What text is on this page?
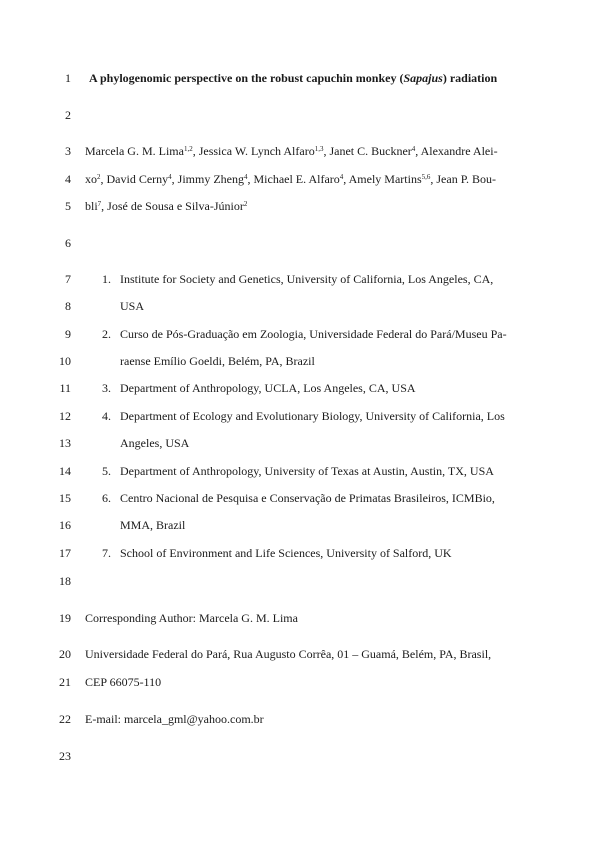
1
2
3
4
5
6
7
8
9
10
11
12
13
14
15
16
17
18
19
20
21
22
23
A phylogenomic perspective on the robust capuchin monkey (Sapajus) radiation
Marcela G. M. Lima$^{1,2}$, Jessica W. Lynch Alfaro$^{1,3}$, Janet C. Buckner$^4$, Alexandre Alei-
$xo^2$, David Cerny$^4$, Jimmy Zheng$^4$, Michael E. Alfaro$^4$, Amely Martins$^{5,6}$, Jean P. Bou-
bli$^7$, José de Sousa e Silva-Júnior$^2$
1. Institute for Society and Genetics, University of California, Los Angeles, CA,
USA
2. Curso de Pós-Graduação em Zoologia, Universidade Federal do Pará/Museu Pa-
raense Emílio Goeldi, Belém, PA, Brazil
3. Department of Anthropology, UCLA, Los Angeles, CA, USA
4. Department of Ecology and Evolutionary Biology, University of California, Los
Angeles, USA
5. Department of Anthropology, University of Texas at Austin, Austin, TX, USA
6. Centro Nacional de Pesquisa e Conservação de Primatas Brasileiros, ICMBio,
MMA, Brazil
7. School of Environment and Life Sciences, University of Salford, UK
Corresponding Author: Marcela G. M. Lima
Universidade Federal do Pará, Rua Augusto Corrêa, 01 – Guamá, Belém, PA, Brasil,
CEP 66075-110
E-mail: marcela_gml@yahoo.com.br
